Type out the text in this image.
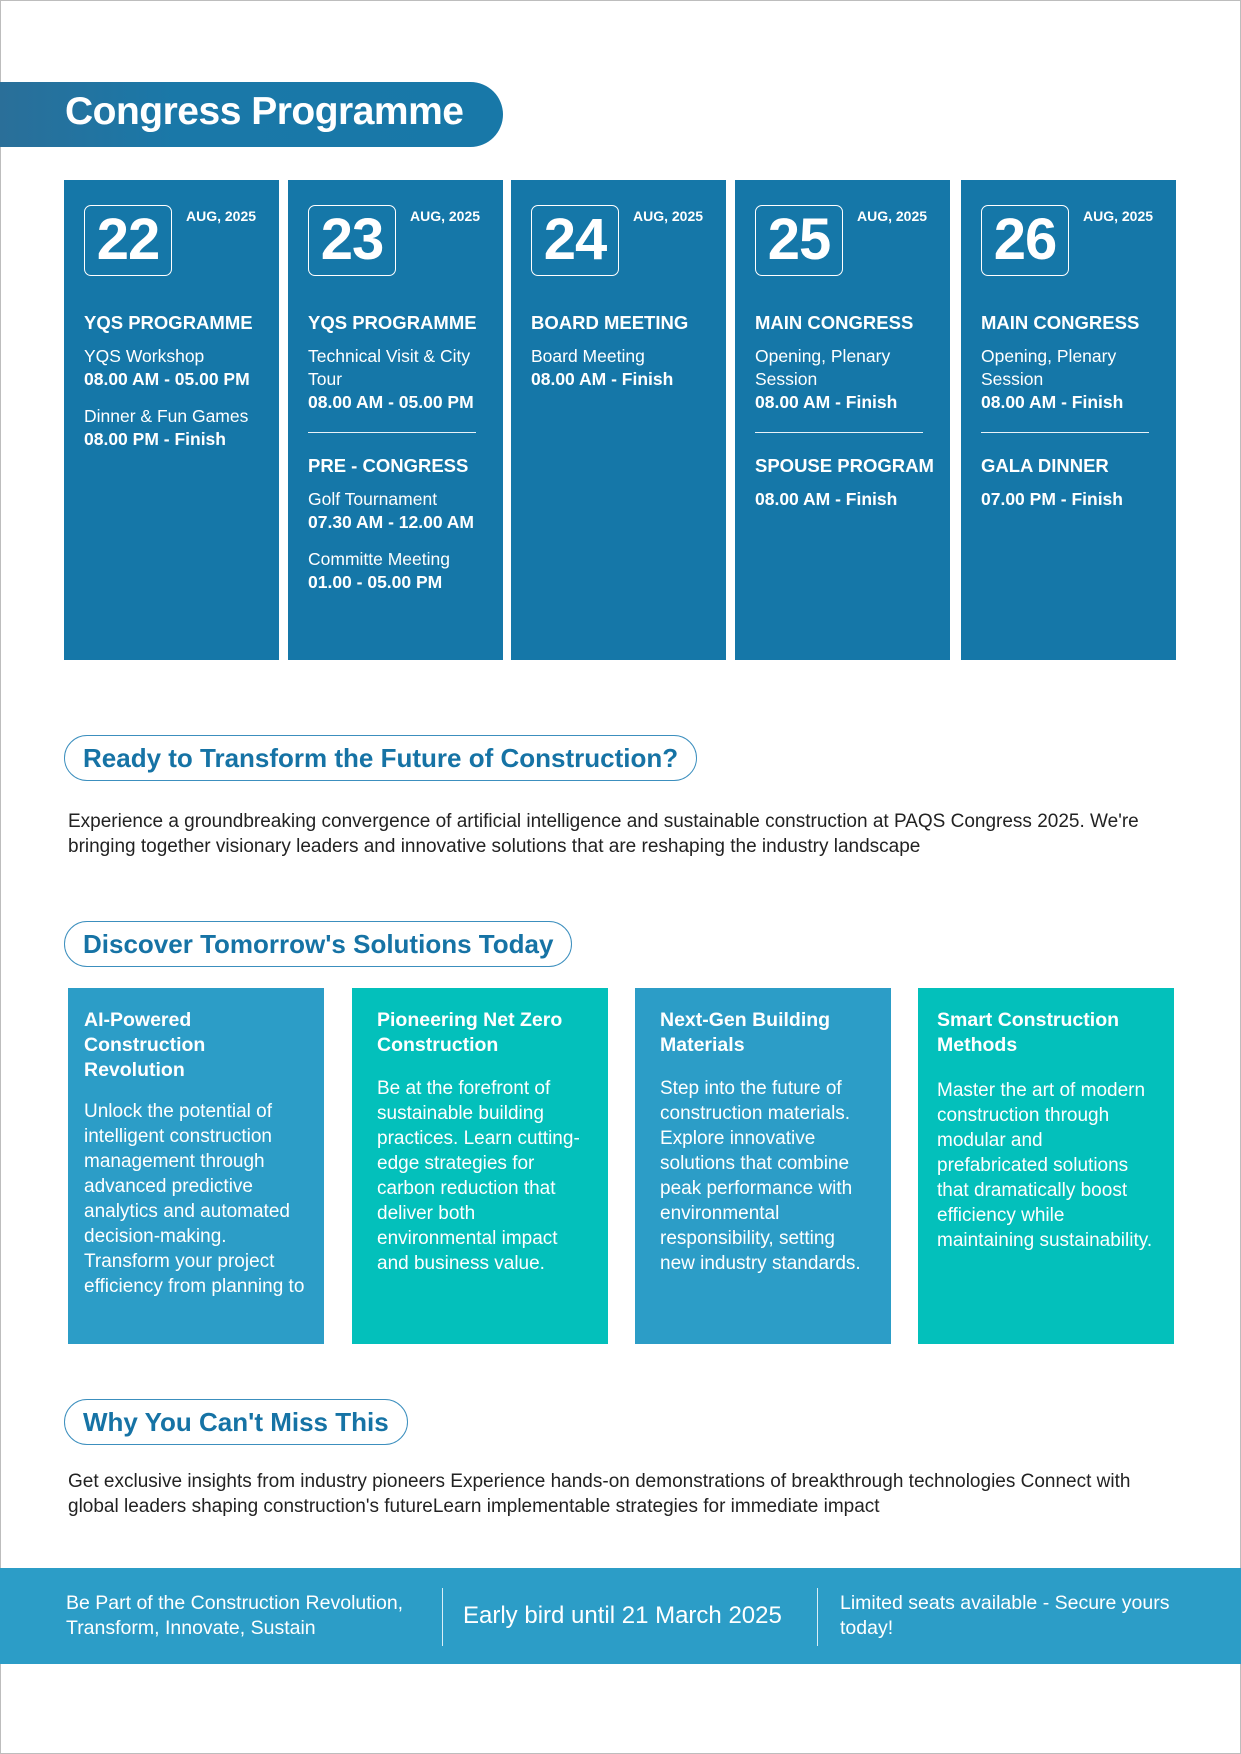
Congress Programme
22	AUG, 2025
YQS PROGRAMME
YQS Workshop
08.00 AM - 05.00 PM
Dinner & Fun Games
08.00 PM - Finish
23	AUG, 2025
YQS PROGRAMME
Technical Visit & City Tour
08.00 AM - 05.00 PM
PRE - CONGRESS
Golf Tournament
07.30 AM - 12.00 AM
Committe Meeting
01.00 - 05.00 PM
24	AUG, 2025
BOARD MEETING
Board Meeting
08.00 AM - Finish
25	AUG, 2025
MAIN CONGRESS
Opening, Plenary Session
08.00 AM - Finish
SPOUSE PROGRAM
08.00 AM - Finish
26	AUG, 2025
MAIN CONGRESS
Opening, Plenary Session
08.00 AM - Finish
GALA DINNER
07.00 PM - Finish
Ready to Transform the Future of Construction?
Experience a groundbreaking convergence of artificial intelligence and sustainable construction at PAQS Congress 2025. We're bringing together visionary leaders and innovative solutions that are reshaping the industry landscape
Discover Tomorrow's Solutions Today
AI-Powered Construction Revolution
Unlock the potential of intelligent construction management through advanced predictive analytics and automated decision-making. Transform your project efficiency from planning to
Pioneering Net Zero Construction
Be at the forefront of sustainable building practices. Learn cutting-edge strategies for carbon reduction that deliver both environmental impact and business value.
Next-Gen Building Materials
Step into the future of construction materials. Explore innovative solutions that combine peak performance with environmental responsibility, setting new industry standards.
Smart Construction Methods
Master the art of modern construction through modular and prefabricated solutions that dramatically boost efficiency while maintaining sustainability.
Why You Can't Miss This
Get exclusive insights from industry pioneers Experience hands-on demonstrations of breakthrough technologies Connect with global leaders shaping construction's futureLearn implementable strategies for immediate impact
Be Part of the Construction Revolution, Transform, Innovate, Sustain	Early bird until 21 March 2025	Limited seats available - Secure yours today!
